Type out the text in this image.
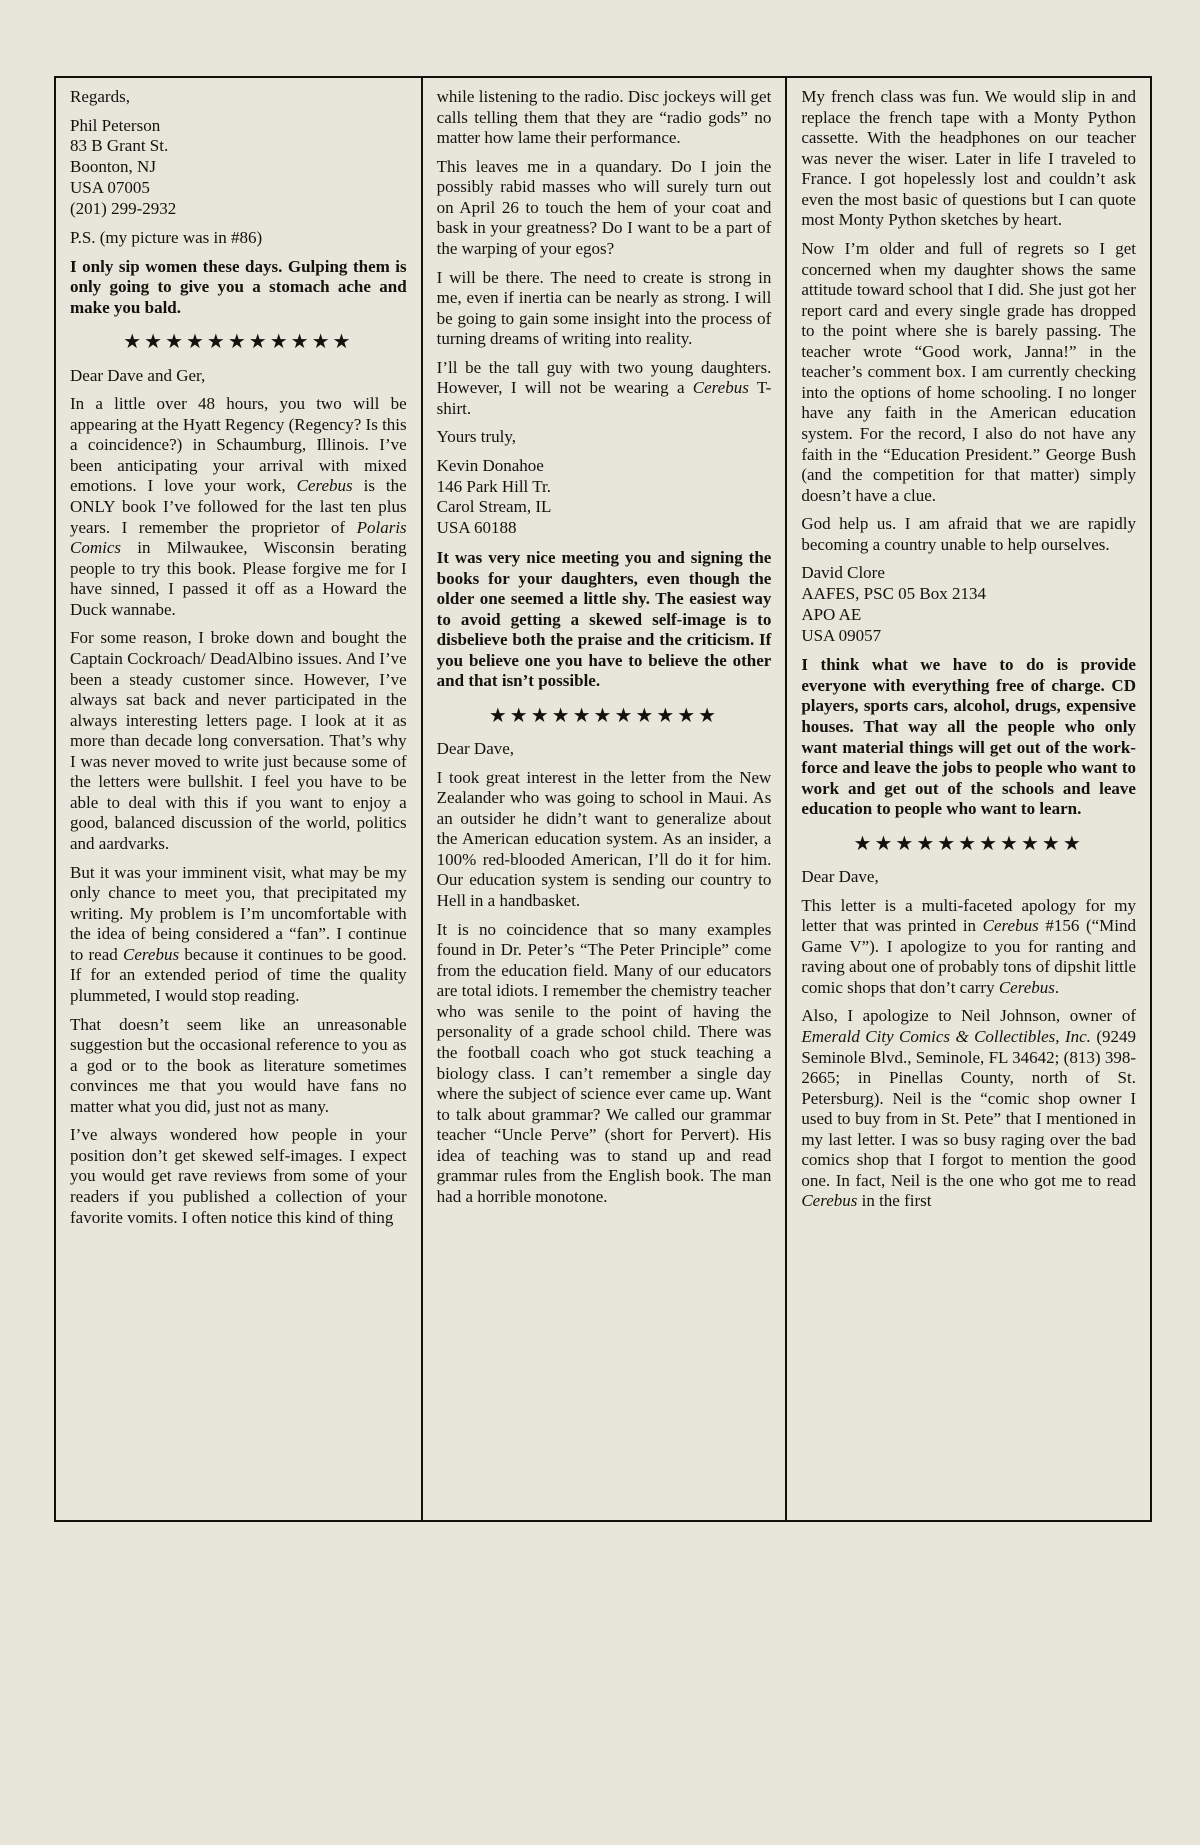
Regards,

Phil Peterson
83 B Grant St.
Boonton, NJ
USA 07005
(201) 299-2932

P.S. (my picture was in #86)

I only sip women these days. Gulping them is only going to give you a stomach ache and make you bald.

★★★★★★★★★★★

Dear Dave and Ger,

In a little over 48 hours, you two will be appearing at the Hyatt Regency (Regency? Is this a coincidence?) in Schaumburg, Illinois. I’ve been anticipating your arrival with mixed emotions. I love your work, Cerebus is the ONLY book I’ve followed for the last ten plus years. I remember the proprietor of Polaris Comics in Milwaukee, Wisconsin berating people to try this book. Please forgive me for I have sinned, I passed it off as a Howard the Duck wannabe.

For some reason, I broke down and bought the Captain Cockroach/ DeadAlbino issues. And I’ve been a steady customer since. However, I’ve always sat back and never participated in the always interesting letters page. I look at it as more than decade long conversation. That’s why I was never moved to write just because some of the letters were bullshit. I feel you have to be able to deal with this if you want to enjoy a good, balanced discussion of the world, politics and aardvarks.

But it was your imminent visit, what may be my only chance to meet you, that precipitated my writing. My problem is I’m uncomfortable with the idea of being considered a “fan”. I continue to read Cerebus because it continues to be good. If for an extended period of time the quality plummeted, I would stop reading.

That doesn’t seem like an unreasonable suggestion but the occasional reference to you as a god or to the book as literature sometimes convinces me that you would have fans no matter what you did, just not as many.

I’ve always wondered how people in your position don’t get skewed self-images. I expect you would get rave reviews from some of your readers if you published a collection of your favorite vomits. I often notice this kind of thing

while listening to the radio. Disc jockeys will get calls telling them that they are “radio gods” no matter how lame their performance.

This leaves me in a quandary. Do I join the possibly rabid masses who will surely turn out on April 26 to touch the hem of your coat and bask in your greatness? Do I want to be a part of the warping of your egos?

I will be there. The need to create is strong in me, even if inertia can be nearly as strong. I will be going to gain some insight into the process of turning dreams of writing into reality.

I’ll be the tall guy with two young daughters. However, I will not be wearing a Cerebus T-shirt.

Yours truly,

Kevin Donahoe
146 Park Hill Tr.
Carol Stream, IL
USA 60188

It was very nice meeting you and signing the books for your daughters, even though the older one seemed a little shy. The easiest way to avoid getting a skewed self-image is to disbelieve both the praise and the criticism. If you believe one you have to believe the other and that isn’t possible.

★★★★★★★★★★★

Dear Dave,

I took great interest in the letter from the New Zealander who was going to school in Maui. As an outsider he didn’t want to generalize about the American education system. As an insider, a 100% red-blooded American, I’ll do it for him. Our education system is sending our country to Hell in a handbasket.

It is no coincidence that so many examples found in Dr. Peter’s “The Peter Principle” come from the education field. Many of our educators are total idiots. I remember the chemistry teacher who was senile to the point of having the personality of a grade school child. There was the football coach who got stuck teaching a biology class. I can’t remember a single day where the subject of science ever came up. Want to talk about grammar? We called our grammar teacher “Uncle Perve” (short for Pervert). His idea of teaching was to stand up and read grammar rules from the English book. The man had a horrible monotone.

My french class was fun. We would slip in and replace the french tape with a Monty Python cassette. With the headphones on our teacher was never the wiser. Later in life I traveled to France. I got hopelessly lost and couldn’t ask even the most basic of questions but I can quote most Monty Python sketches by heart.

Now I’m older and full of regrets so I get concerned when my daughter shows the same attitude toward school that I did. She just got her report card and every single grade has dropped to the point where she is barely passing. The teacher wrote “Good work, Janna!” in the teacher’s comment box. I am currently checking into the options of home schooling. I no longer have any faith in the American education system. For the record, I also do not have any faith in the “Education President.” George Bush (and the competition for that matter) simply doesn’t have a clue.

God help us. I am afraid that we are rapidly becoming a country unable to help ourselves.

David Clore
AAFES, PSC 05 Box 2134
APO AE
USA 09057

I think what we have to do is provide everyone with everything free of charge. CD players, sports cars, alcohol, drugs, expensive houses. That way all the people who only want material things will get out of the work-force and leave the jobs to people who want to work and get out of the schools and leave education to people who want to learn.

★★★★★★★★★★★

Dear Dave,

This letter is a multi-faceted apology for my letter that was printed in Cerebus #156 (“Mind Game V”). I apologize to you for ranting and raving about one of probably tons of dipshit little comic shops that don’t carry Cerebus.

Also, I apologize to Neil Johnson, owner of Emerald City Comics & Collectibles, Inc. (9249 Seminole Blvd., Seminole, FL 34642; (813) 398-2665; in Pinellas County, north of St. Petersburg). Neil is the “comic shop owner I used to buy from in St. Pete” that I mentioned in my last letter. I was so busy raging over the bad comics shop that I forgot to mention the good one. In fact, Neil is the one who got me to read Cerebus in the first
